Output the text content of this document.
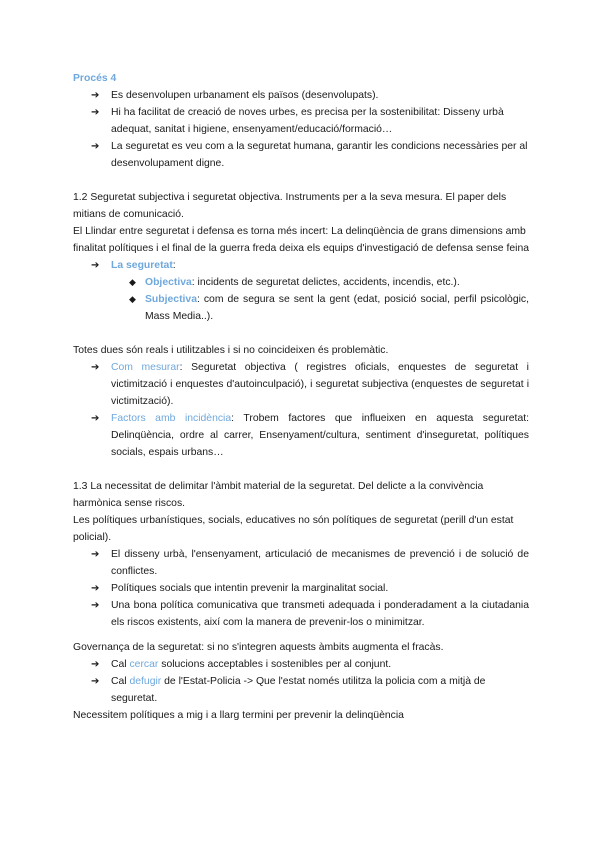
Procés 4

➔ Es desenvolupen urbanament els països (desenvolupats).
➔ Hi ha facilitat de creació de noves urbes, es precisa per la sostenibilitat: Disseny urbà adequat, sanitat i higiene, ensenyament/educació/formació…
➔ La seguretat es veu com a la seguretat humana, garantir les condicions necessàries per al desenvolupament digne.

1.2 Seguretat subjectiva i seguretat objectiva. Instruments per a la seva mesura. El paper dels mitians de comunicació.

El Llindar entre seguretat i defensa es torna més incert: La delinqüència de grans dimensions amb finalitat polítiques i el final de la guerra freda deixa els equips d'investigació de defensa sense feina

➔ La seguretat:
◆ Objectiva: incidents de seguretat delictes, accidents, incendis, etc.).
◆ Subjectiva: com de segura se sent la gent (edat, posició social, perfil psicològic, Mass Media..).

Totes dues són reals i utilitzables i si no coincideixen és problemàtic.

➔ Com mesurar: Seguretat objectiva ( registres oficials, enquestes de seguretat i victimització i enquestes d'autoinculpació), i seguretat subjectiva (enquestes de seguretat i victimització).
➔ Factors amb incidència: Trobem factores que influeixen en aquesta seguretat: Delinqüència, ordre al carrer, Ensenyament/cultura, sentiment d'inseguretat, polítiques socials, espais urbans…

1.3 La necessitat de delimitar l'àmbit material de la seguretat. Del delicte a la convivència harmònica sense riscos.

Les polítiques urbanístiques, socials, educatives no són polítiques de seguretat (perill d'un estat policial).

➔ El disseny urbà, l'ensenyament, articulació de mecanismes de prevenció i de solució de conflictes.
➔ Polítiques socials que intentin prevenir la marginalitat social.
➔ Una bona política comunicativa que transmeti adequada i ponderadament a la ciutadania els riscos existents, així com la manera de prevenir-los o minimitzar.

Governança de la seguretat: si no s'integren aquests àmbits augmenta el fracàs.

➔ Cal cercar solucions acceptables i sostenibles per al conjunt.
➔ Cal defugir de l'Estat-Policia -> Que l'estat només utilitza la policia com a mitjà de seguretat.

Necessitem polítiques a mig i a llarg termini per prevenir la delinqüència
